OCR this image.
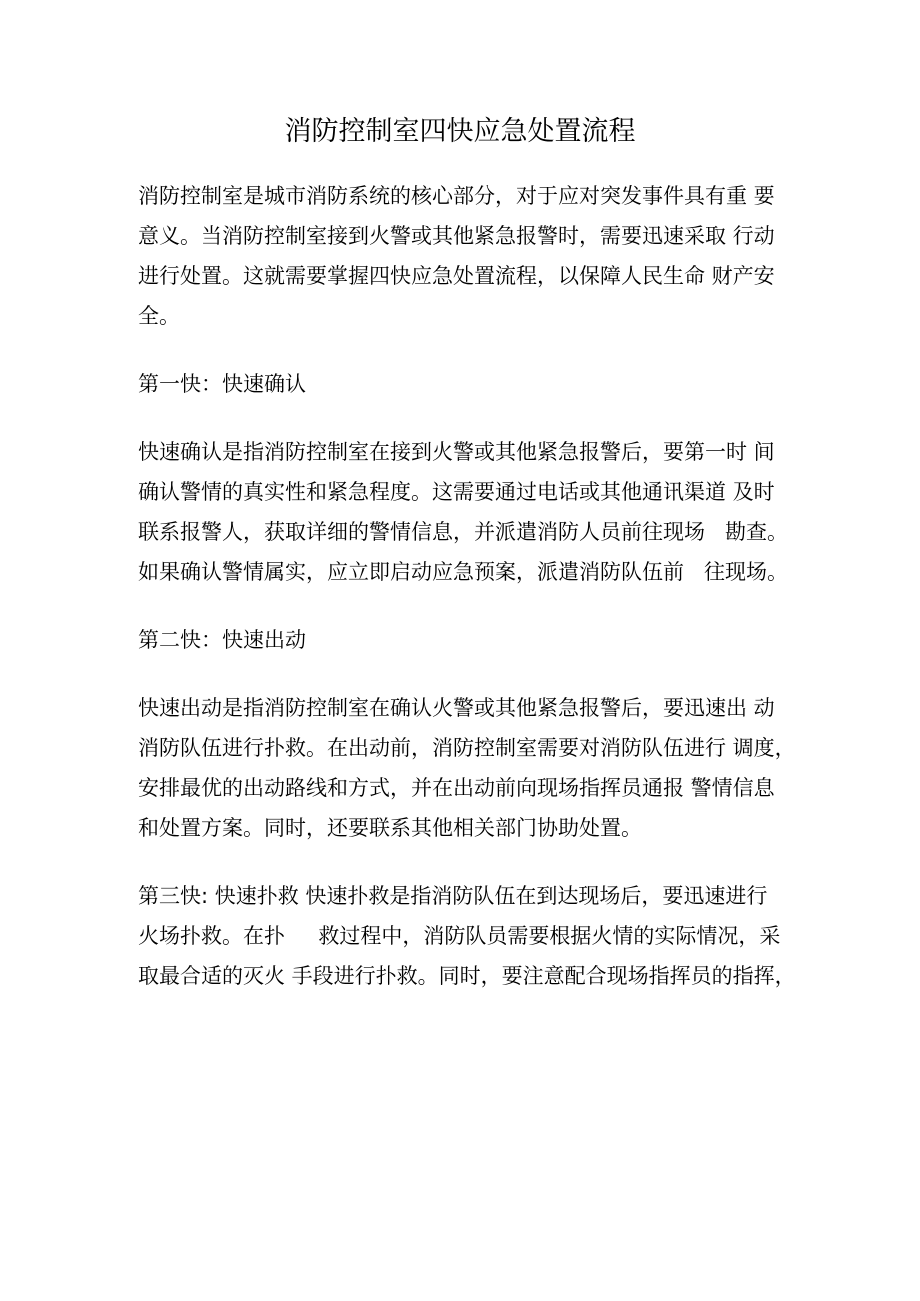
消防控制室四快应急处置流程
消防控制室是城市消防系统的核心部分，对于应对突发事件具有重 要
意义。当消防控制室接到火警或其他紧急报警时，需要迅速采取 行动
进行处置。这就需要掌握四快应急处置流程，以保障人民生命 财产安
全。
第一快：快速确认
快速确认是指消防控制室在接到火警或其他紧急报警后，要第一时 间
确认警情的真实性和紧急程度。这需要通过电话或其他通讯渠道 及时
联系报警人，获取详细的警情信息，并派遣消防人员前往现场   勘查。
如果确认警情属实，应立即启动应急预案，派遣消防队伍前   往现场。
第二快：快速出动
快速出动是指消防控制室在确认火警或其他紧急报警后，要迅速出 动
消防队伍进行扑救。在出动前，消防控制室需要对消防队伍进行 调度，
安排最优的出动路线和方式，并在出动前向现场指挥员通报 警情信息
和处置方案。同时，还要联系其他相关部门协助处置。
第三快: 快速扑救 快速扑救是指消防队伍在到达现场后，要迅速进行
火场扑救。在扑     救过程中，消防队员需要根据火情的实际情况，采
取最合适的灭火 手段进行扑救。同时，要注意配合现场指挥员的指挥，
